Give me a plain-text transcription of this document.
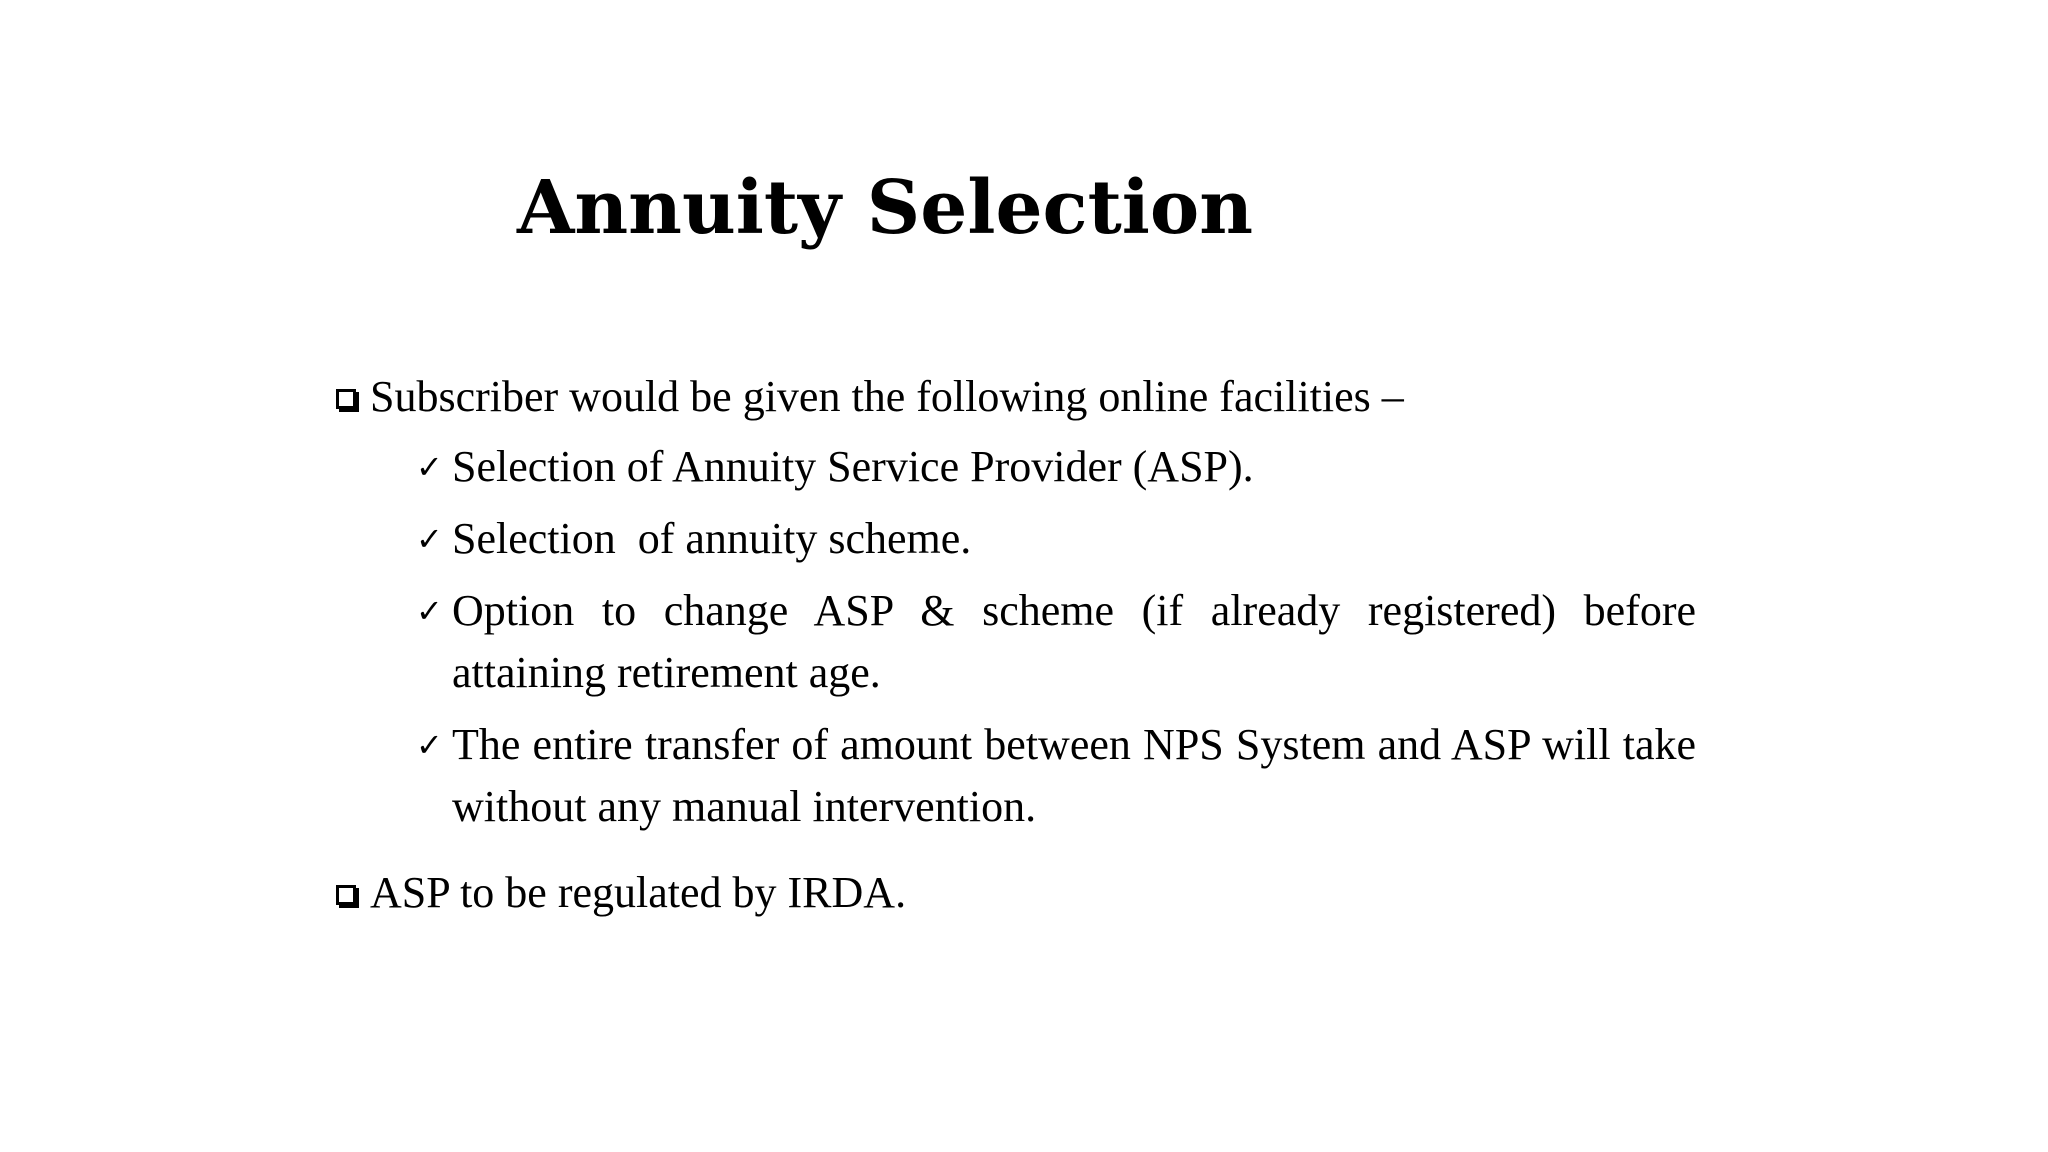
Annuity Selection
Subscriber would be given the following online facilities –
✓ Selection of Annuity Service Provider (ASP).
✓ Selection  of annuity scheme.
✓ Option to change ASP & scheme (if already registered) before attaining retirement age.
✓ The entire transfer of amount between NPS System and ASP will take without any manual intervention.
ASP to be regulated by IRDA.
